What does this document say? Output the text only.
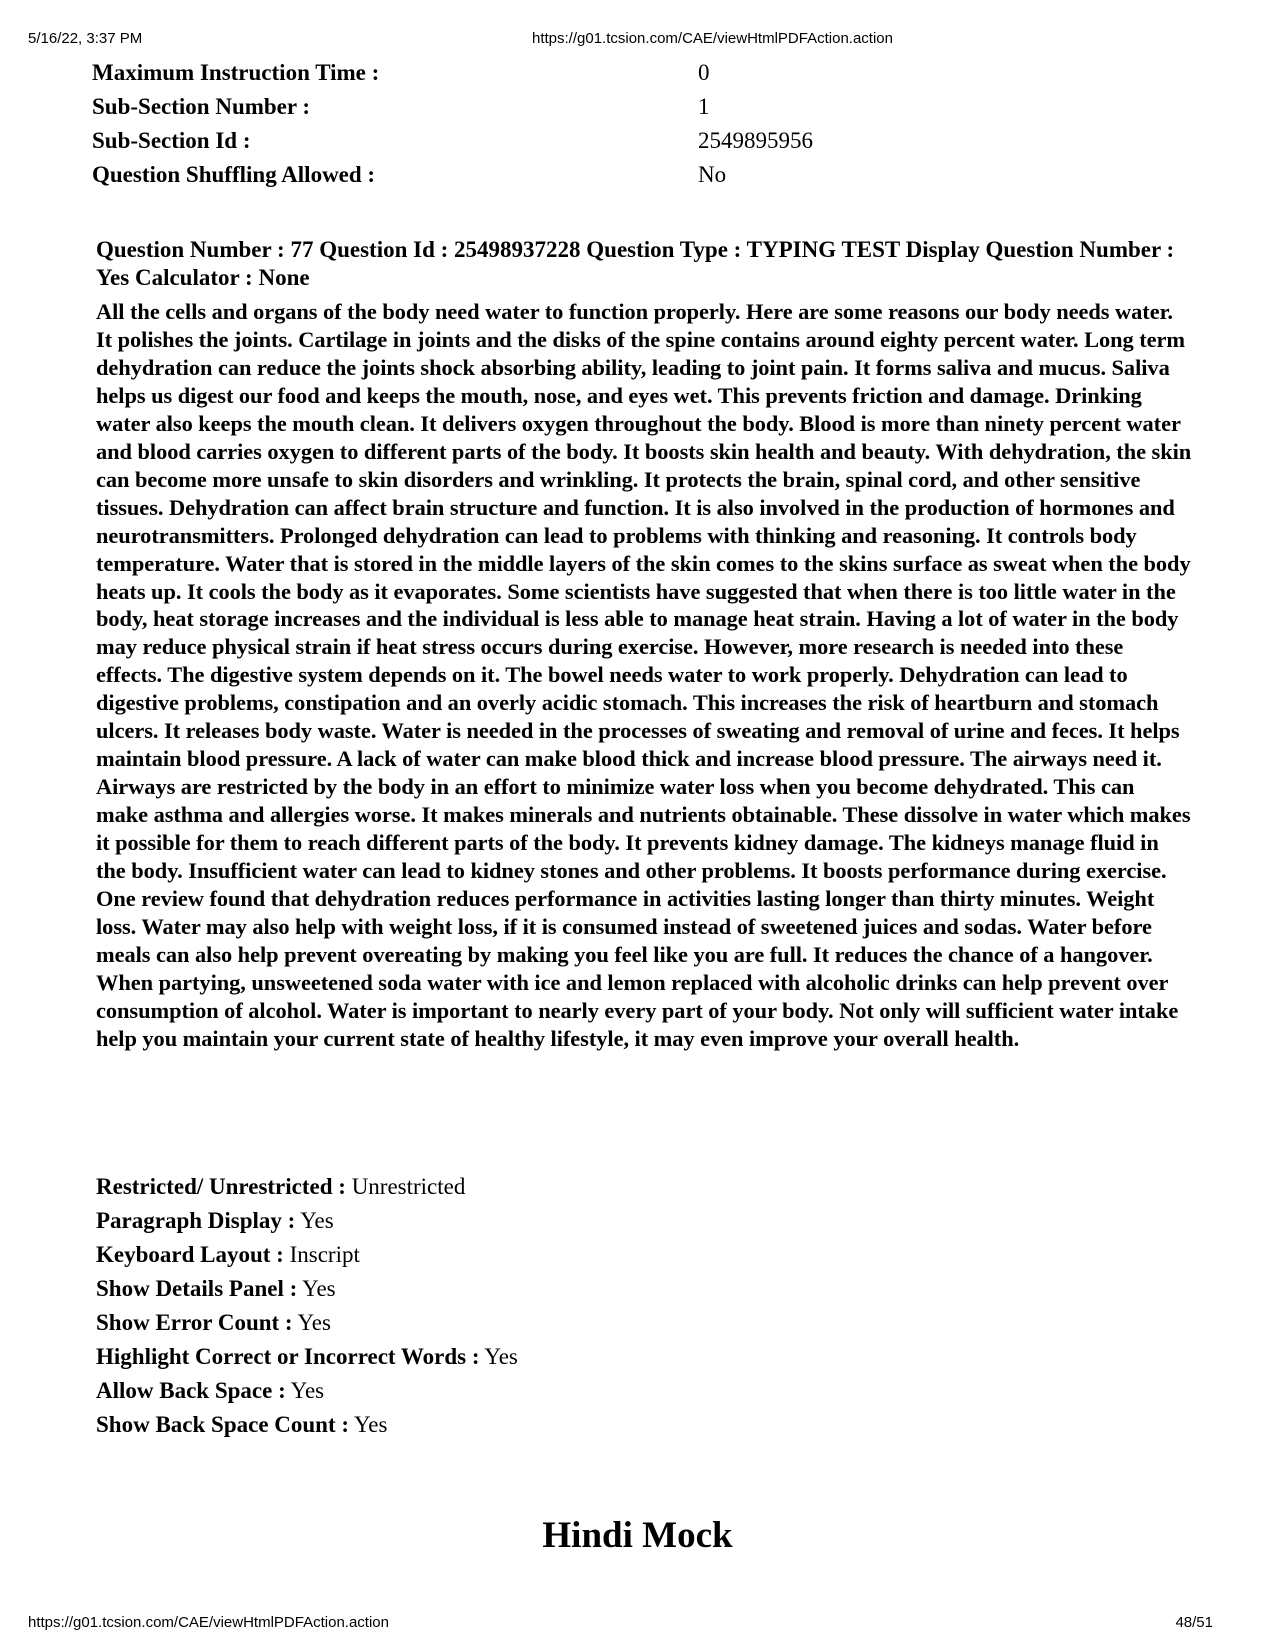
5/16/22, 3:37 PM	https://g01.tcsion.com/CAE/viewHtmlPDFAction.action
Maximum Instruction Time :	0
Sub-Section Number :	1
Sub-Section Id :	2549895956
Question Shuffling Allowed :	No
Question Number : 77 Question Id : 25498937228 Question Type : TYPING TEST Display Question Number : Yes Calculator : None
All the cells and organs of the body need water to function properly. Here are some reasons our body needs water. It polishes the joints. Cartilage in joints and the disks of the spine contains around eighty percent water. Long term dehydration can reduce the joints shock absorbing ability, leading to joint pain. It forms saliva and mucus. Saliva helps us digest our food and keeps the mouth, nose, and eyes wet. This prevents friction and damage. Drinking water also keeps the mouth clean. It delivers oxygen throughout the body. Blood is more than ninety percent water and blood carries oxygen to different parts of the body. It boosts skin health and beauty. With dehydration, the skin can become more unsafe to skin disorders and wrinkling. It protects the brain, spinal cord, and other sensitive tissues. Dehydration can affect brain structure and function. It is also involved in the production of hormones and neurotransmitters. Prolonged dehydration can lead to problems with thinking and reasoning. It controls body temperature. Water that is stored in the middle layers of the skin comes to the skins surface as sweat when the body heats up. It cools the body as it evaporates. Some scientists have suggested that when there is too little water in the body, heat storage increases and the individual is less able to manage heat strain. Having a lot of water in the body may reduce physical strain if heat stress occurs during exercise. However, more research is needed into these effects. The digestive system depends on it. The bowel needs water to work properly. Dehydration can lead to digestive problems, constipation and an overly acidic stomach. This increases the risk of heartburn and stomach ulcers. It releases body waste. Water is needed in the processes of sweating and removal of urine and feces. It helps maintain blood pressure. A lack of water can make blood thick and increase blood pressure. The airways need it. Airways are restricted by the body in an effort to minimize water loss when you become dehydrated. This can make asthma and allergies worse. It makes minerals and nutrients obtainable. These dissolve in water which makes it possible for them to reach different parts of the body. It prevents kidney damage. The kidneys manage fluid in the body. Insufficient water can lead to kidney stones and other problems. It boosts performance during exercise. One review found that dehydration reduces performance in activities lasting longer than thirty minutes. Weight loss. Water may also help with weight loss, if it is consumed instead of sweetened juices and sodas. Water before meals can also help prevent overeating by making you feel like you are full. It reduces the chance of a hangover. When partying, unsweetened soda water with ice and lemon replaced with alcoholic drinks can help prevent over consumption of alcohol. Water is important to nearly every part of your body. Not only will sufficient water intake help you maintain your current state of healthy lifestyle, it may even improve your overall health.
Restricted/ Unrestricted : Unrestricted
Paragraph Display : Yes
Keyboard Layout : Inscript
Show Details Panel : Yes
Show Error Count : Yes
Highlight Correct or Incorrect Words : Yes
Allow Back Space : Yes
Show Back Space Count : Yes
Hindi Mock
https://g01.tcsion.com/CAE/viewHtmlPDFAction.action	48/51
